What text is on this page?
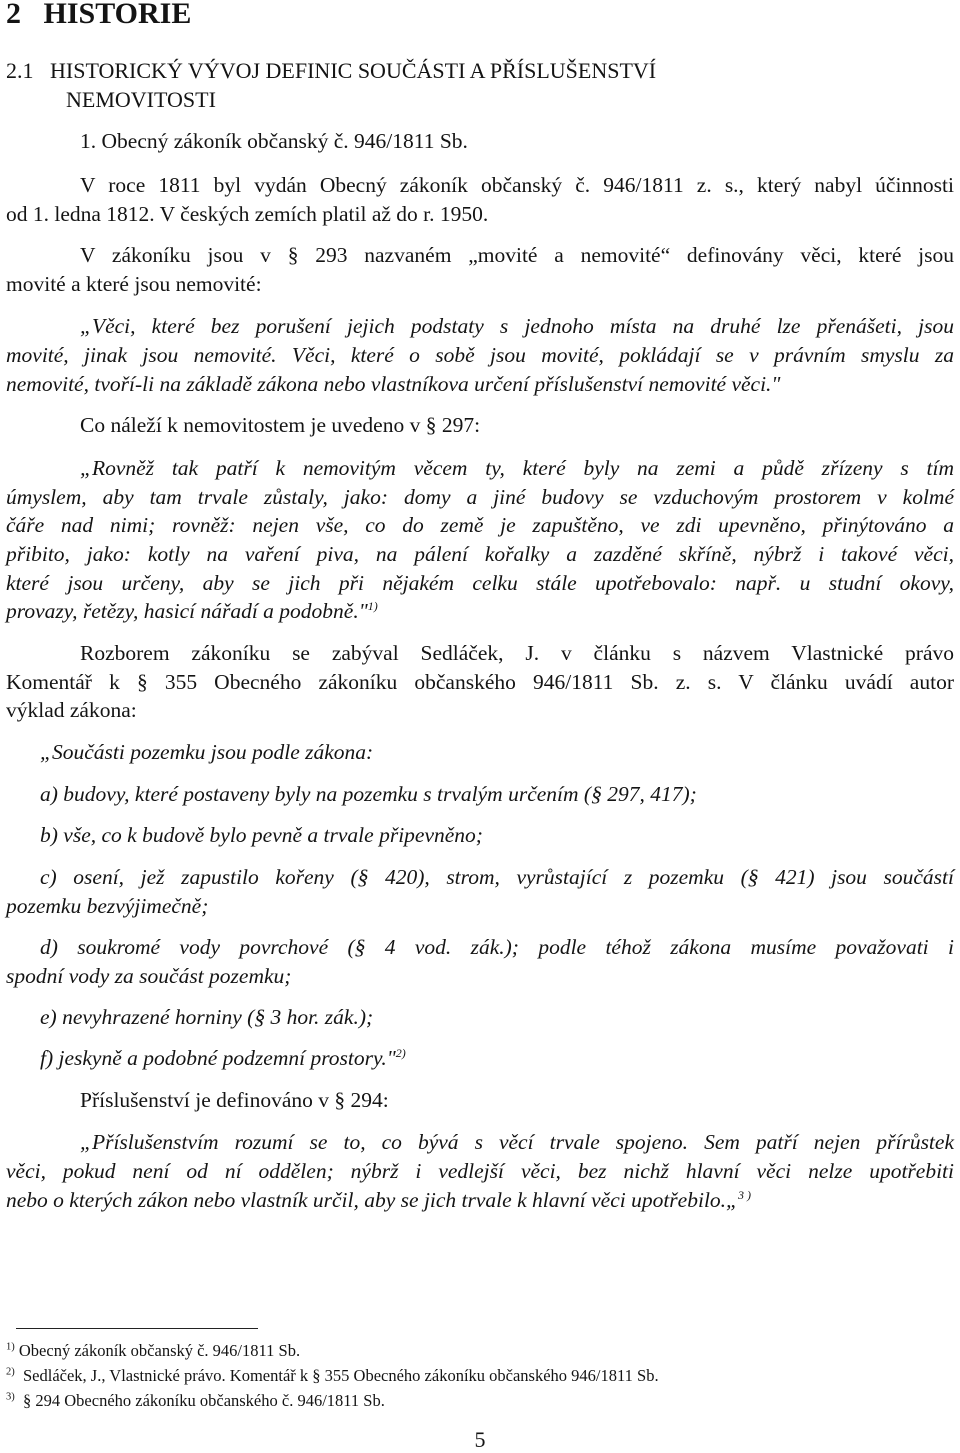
2 HISTORIE
2.1 HISTORICKÝ VÝVOJ DEFINIC SOUČÁSTI A PŘÍSLUŠENSTVÍ
NEMOVITOSTI
1. Obecný zákoník občanský č. 946/1811 Sb.
V roce 1811 byl vydán Obecný zákoník občanský č. 946/1811 z. s., který nabyl účinnosti
od 1. ledna 1812. V českých zemích platil až do r. 1950.
V zákoníku jsou v § 293 nazvaném „movité a nemovité“ definovány věci, které jsou
movité a které jsou nemovité:
„Věci, které bez porušení jejich podstaty s jednoho místa na druhé lze přenášeti, jsou
movité, jinak jsou nemovité. Věci, které o sobě jsou movité, pokládají se v právním smyslu za
nemovité, tvoří-li na základě zákona nebo vlastníkova určení příslušenství nemovité věci."
Co náleží k nemovitostem je uvedeno v § 297:
„Rovněž tak patří k nemovitým věcem ty, které byly na zemi a půdě zřízeny s tím
úmyslem, aby tam trvale zůstaly, jako: domy a jiné budovy se vzduchovým prostorem v kolmé
čáře nad nimi; rovněž: nejen vše, co do země je zapuštěno, ve zdi upevněno, přinýtováno a
přibito, jako: kotly na vaření piva, na pálení kořalky a zazděné skříně, nýbrž i takové věci,
které jsou určeny, aby se jich při nějakém celku stále upotřebovalo: např. u studní okovy,
provazy, řetězy, hasicí nářadí a podobně."$^{1)}$
Rozborem zákoníku se zabýval Sedláček, J. v článku s názvem Vlastnické právo
Komentář k § 355 Obecného zákoníku občanského 946/1811 Sb. z. s. V článku uvádí autor
výklad zákona:
„Součásti pozemku jsou podle zákona:
a) budovy, které postaveny byly na pozemku s trvalým určením (§ 297, 417);
b) vše, co k budově bylo pevně a trvale připevněno;
c) osení, jež zapustilo kořeny (§ 420), strom, vyrůstající z pozemku (§ 421) jsou součástí
pozemku bezvýjimečně;
d) soukromé vody povrchové (§ 4 vod. zák.); podle téhož zákona musíme považovati i
spodní vody za součást pozemku;
e) nevyhrazené horniny (§ 3 hor. zák.);
f) jeskyně a podobné podzemní prostory."$^{2)}$
Příslušenství je definováno v § 294:
„Příslušenstvím rozumí se to, co bývá s věcí trvale spojeno. Sem patří nejen přírůstek
věci, pokud není od ní oddělen; nýbrž i vedlejší věci, bez nichž hlavní věci nelze upotřebiti
nebo o kterých zákon nebo vlastník určil, aby se jich trvale k hlavní věci upotřebilo.„$^{3 )}$
$^{1)}$ Obecný zákoník občanský č. 946/1811 Sb.
$^{2)}$ Sedláček, J., Vlastnické právo. Komentář k § 355 Obecného zákoníku občanského 946/1811 Sb.
$^{3)}$ § 294 Obecného zákoníku občanského č. 946/1811 Sb.
5
